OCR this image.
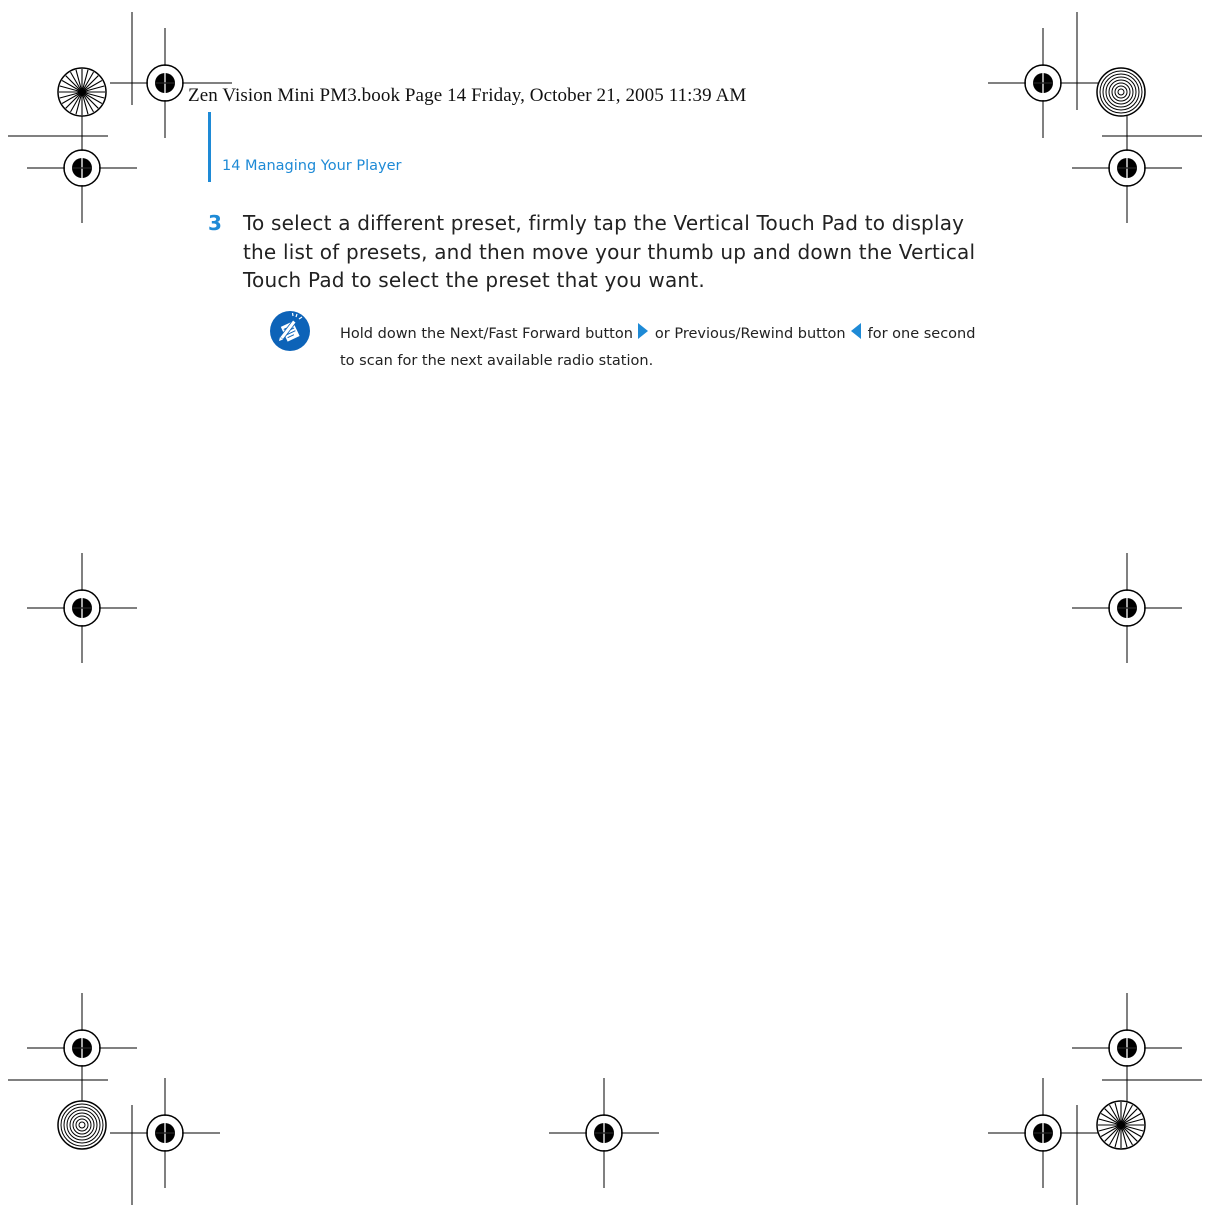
Zen Vision Mini PM3.book Page 14 Friday, October 21, 2005 11:39 AM
14 Managing Your Player
3 To select a different preset, firmly tap the Vertical Touch Pad to display the list of presets, and then move your thumb up and down the Vertical Touch Pad to select the preset that you want.
Hold down the Next/Fast Forward button or Previous/Rewind button for one second to scan for the next available radio station.
